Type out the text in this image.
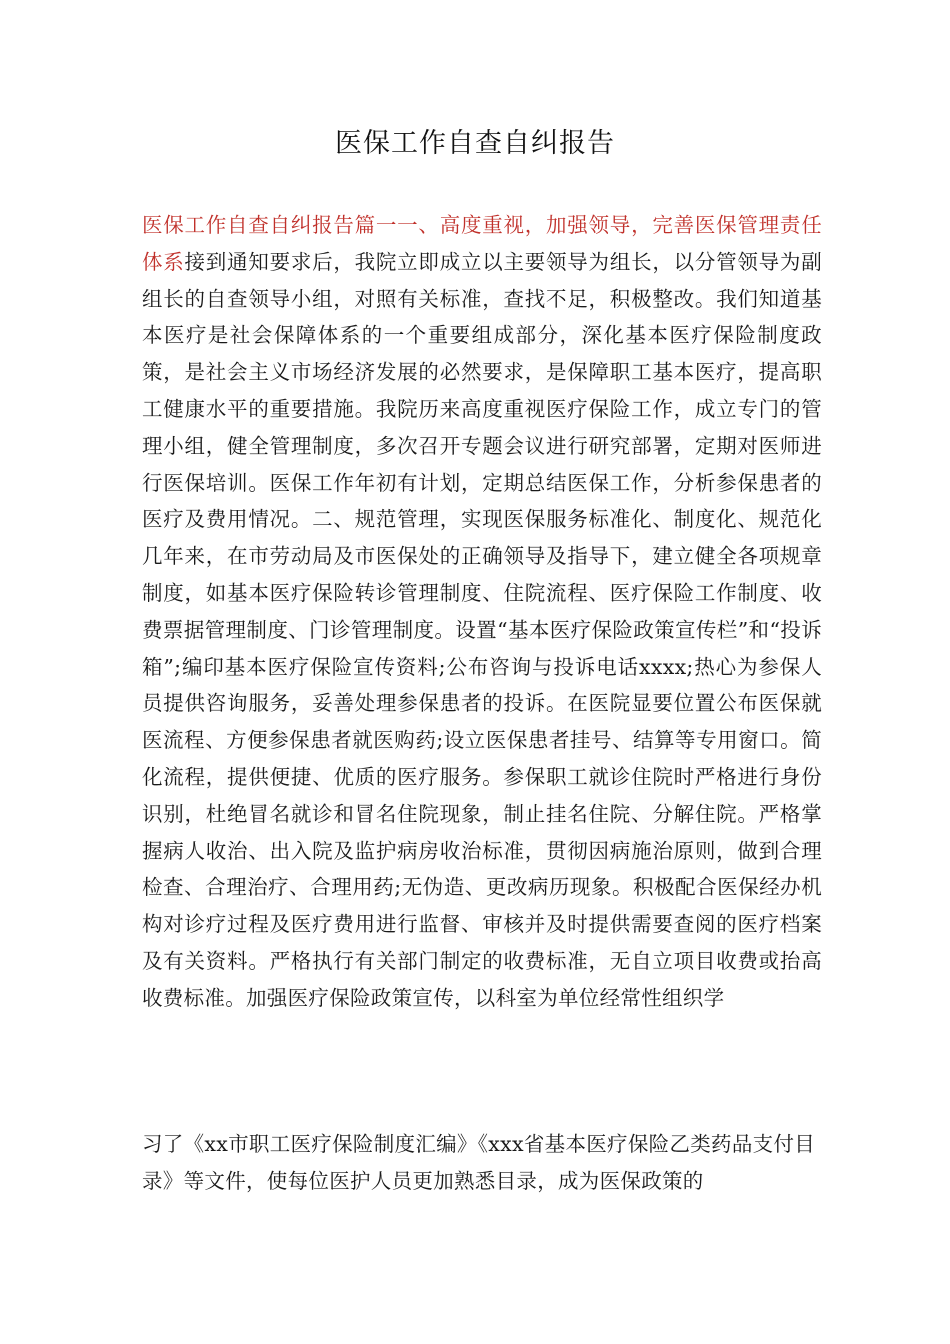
医保工作自查自纠报告

医保工作自查自纠报告篇一一、高度重视，加强领导，完善医保管理责任体系接到通知要求后，我院立即成立以主要领导为组长，以分管领导为副组长的自查领导小组，对照有关标准，查找不足，积极整改。我们知道基本医疗是社会保障体系的一个重要组成部分，深化基本医疗保险制度政策，是社会主义市场经济发展的必然要求，是保障职工基本医疗，提高职工健康水平的重要措施。我院历来高度重视医疗保险工作，成立专门的管理小组，健全管理制度，多次召开专题会议进行研究部署，定期对医师进行医保培训。医保工作年初有计划，定期总结医保工作，分析参保患者的医疗及费用情况。二、规范管理，实现医保服务标准化、制度化、规范化几年来，在市劳动局及市医保处的正确领导及指导下，建立健全各项规章制度，如基本医疗保险转诊管理制度、住院流程、医疗保险工作制度、收费票据管理制度、门诊管理制度。设置“基本医疗保险政策宣传栏”和“投诉箱”;编印基本医疗保险宣传资料;公布咨询与投诉电话xxxx;热心为参保人员提供咨询服务，妥善处理参保患者的投诉。在医院显要位置公布医保就医流程、方便参保患者就医购药;设立医保患者挂号、结算等专用窗口。简化流程，提供便捷、优质的医疗服务。参保职工就诊住院时严格进行身份识别，杜绝冒名就诊和冒名住院现象，制止挂名住院、分解住院。严格掌握病人收治、出入院及监护病房收治标准，贯彻因病施治原则，做到合理检查、合理治疗、合理用药;无伪造、更改病历现象。积极配合医保经办机构对诊疗过程及医疗费用进行监督、审核并及时提供需要查阅的医疗档案及有关资料。严格执行有关部门制定的收费标准，无自立项目收费或抬高收费标准。加强医疗保险政策宣传，以科室为单位经常性组织学

习了《xx市职工医疗保险制度汇编》《xxx省基本医疗保险乙类药品支付目录》等文件，使每位医护人员更加熟悉目录，成为医保政策的
